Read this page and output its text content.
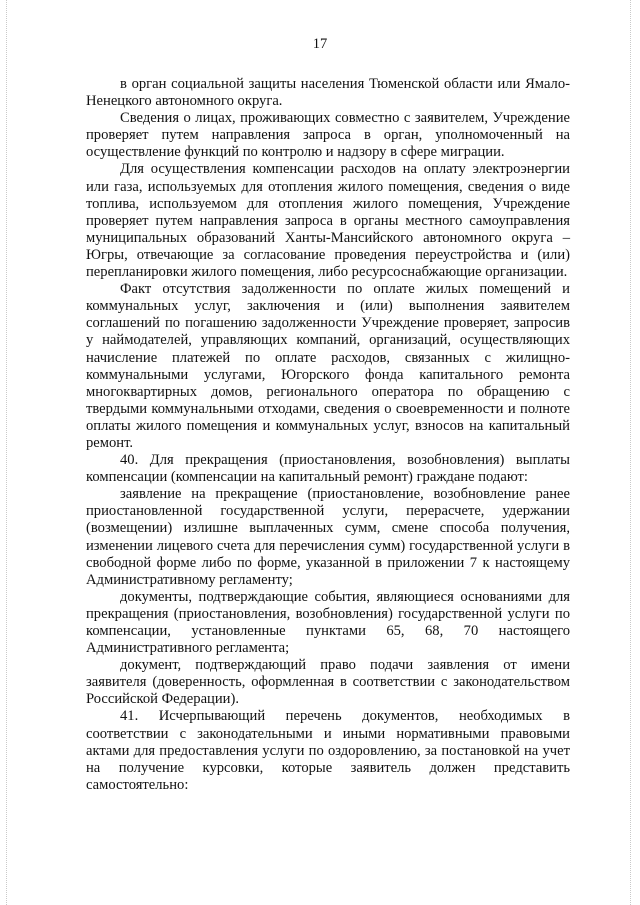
17

в орган социальной защиты населения Тюменской области или Ямало-Ненецкого автономного округа.

Сведения о лицах, проживающих совместно с заявителем, Учреждение проверяет путем направления запроса в орган, уполномоченный на осуществление функций по контролю и надзору в сфере миграции.

Для осуществления компенсации расходов на оплату электроэнергии или газа, используемых для отопления жилого помещения, сведения о виде топлива, используемом для отопления жилого помещения, Учреждение проверяет путем направления запроса в органы местного самоуправления муниципальных образований Ханты-Мансийского автономного округа – Югры, отвечающие за согласование проведения переустройства и (или) перепланировки жилого помещения, либо ресурсоснабжающие организации.

Факт отсутствия задолженности по оплате жилых помещений и коммунальных услуг, заключения и (или) выполнения заявителем соглашений по погашению задолженности Учреждение проверяет, запросив у наймодателей, управляющих компаний, организаций, осуществляющих начисление платежей по оплате расходов, связанных с жилищно-коммунальными услугами, Югорского фонда капитального ремонта многоквартирных домов, регионального оператора по обращению с твердыми коммунальными отходами, сведения о своевременности и полноте оплаты жилого помещения и коммунальных услуг, взносов на капитальный ремонт.

40. Для прекращения (приостановления, возобновления) выплаты компенсации (компенсации на капитальный ремонт) граждане подают:

заявление на прекращение (приостановление, возобновление ранее приостановленной государственной услуги, перерасчете, удержании (возмещении) излишне выплаченных сумм, смене способа получения, изменении лицевого счета для перечисления сумм) государственной услуги в свободной форме либо по форме, указанной в приложении 7 к настоящему Административному регламенту;

документы, подтверждающие события, являющиеся основаниями для прекращения (приостановления, возобновления) государственной услуги по компенсации, установленные пунктами 65, 68, 70 настоящего Административного регламента;

документ, подтверждающий право подачи заявления от имени заявителя (доверенность, оформленная в соответствии с законодательством Российской Федерации).

41. Исчерпывающий перечень документов, необходимых в соответствии с законодательными и иными нормативными правовыми актами для предоставления услуги по оздоровлению, за постановкой на учет на получение курсовки, которые заявитель должен представить самостоятельно:
